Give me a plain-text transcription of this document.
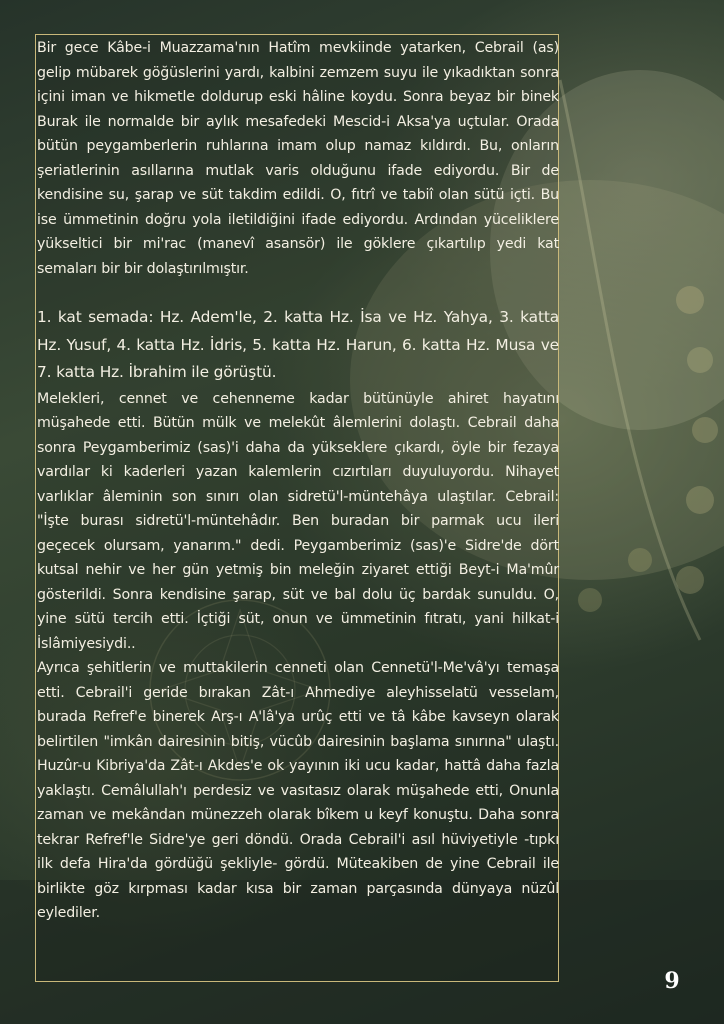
Bir gece Kâbe-i Muazzama'nın Hatîm mevkiinde yatarken, Cebrail (as) gelip mübarek göğüslerini yardı, kalbini zemzem suyu ile yıkadıktan sonra içini iman ve hikmetle doldurup eski hâline koydu. Sonra beyaz bir binek Burak ile normalde bir aylık mesafedeki Mescid-i Aksa'ya uçtular. Orada bütün peygamberlerin ruhlarına imam olup namaz kıldırdı. Bu, onların şeriatlerinin asıllarına mutlak varis olduğunu ifade ediyordu. Bir de kendisine su, şarap ve süt takdim edildi. O, fıtrî ve tabiî olan sütü içti. Bu ise ümmetinin doğru yola iletildiğini ifade ediyordu. Ardından yüceliklere yükseltici bir mi'rac (manevî asansör) ile göklere çıkartılıp yedi kat semaları bir bir dolaştırılmıştır.

1. kat semada: Hz. Adem'le, 2. katta Hz. İsa ve Hz. Yahya, 3. katta Hz. Yusuf, 4. katta Hz. İdris, 5. katta Hz. Harun, 6. katta Hz. Musa ve 7. katta Hz. İbrahim ile görüştü.

Melekleri, cennet ve cehenneme kadar bütünüyle ahiret hayatını müşahede etti. Bütün mülk ve melekût âlemlerini dolaştı. Cebrail daha sonra Peygamberimiz (sas)'i daha da yükseklere çıkardı, öyle bir fezaya vardılar ki kaderleri yazan kalemlerin cızırtıları duyuluyordu. Nihayet varlıklar âleminin son sınırı olan sidretü'l-müntehâya ulaştılar. Cebrail: "İşte burası sidretü'l-müntehâdır. Ben buradan bir parmak ucu ileri geçecek olursam, yanarım." dedi. Peygamberimiz (sas)'e Sidre'de dört kutsal nehir ve her gün yetmiş bin meleğin ziyaret ettiği Beyt-i Ma'mûr gösterildi. Sonra kendisine şarap, süt ve bal dolu üç bardak sunuldu. O, yine sütü tercih etti. İçtiği süt, onun ve ümmetinin fıtratı, yani hilkat-i İslâmiyesiydi..

Ayrıca şehitlerin ve muttakilerin cenneti olan Cennetü'l-Me'vâ'yı temaşa etti. Cebrail'i geride bırakan Zât-ı Ahmediye aleyhisselatü vesselam, burada Refref'e binerek Arş-ı A'lâ'ya urûç etti ve tâ kâbe kavseyn olarak belirtilen "imkân dairesinin bitiş, vücûb dairesinin başlama sınırına" ulaştı. Huzûr-u Kibriya'da Zât-ı Akdes'e ok yayının iki ucu kadar, hattâ daha fazla yaklaştı. Cemâlullah'ı perdesiz ve vasıtasız olarak müşahede etti, Onunla zaman ve mekândan münezzeh olarak bîkem u keyf konuştu. Daha sonra tekrar Refref'le Sidre'ye geri döndü. Orada Cebrail'i asıl hüviyetiyle -tıpkı ilk defa Hira'da gördüğü şekliyle- gördü. Müteakiben de yine Cebrail ile birlikte göz kırpması kadar kısa bir zaman parçasında dünyaya nüzûl eylediler.

9
